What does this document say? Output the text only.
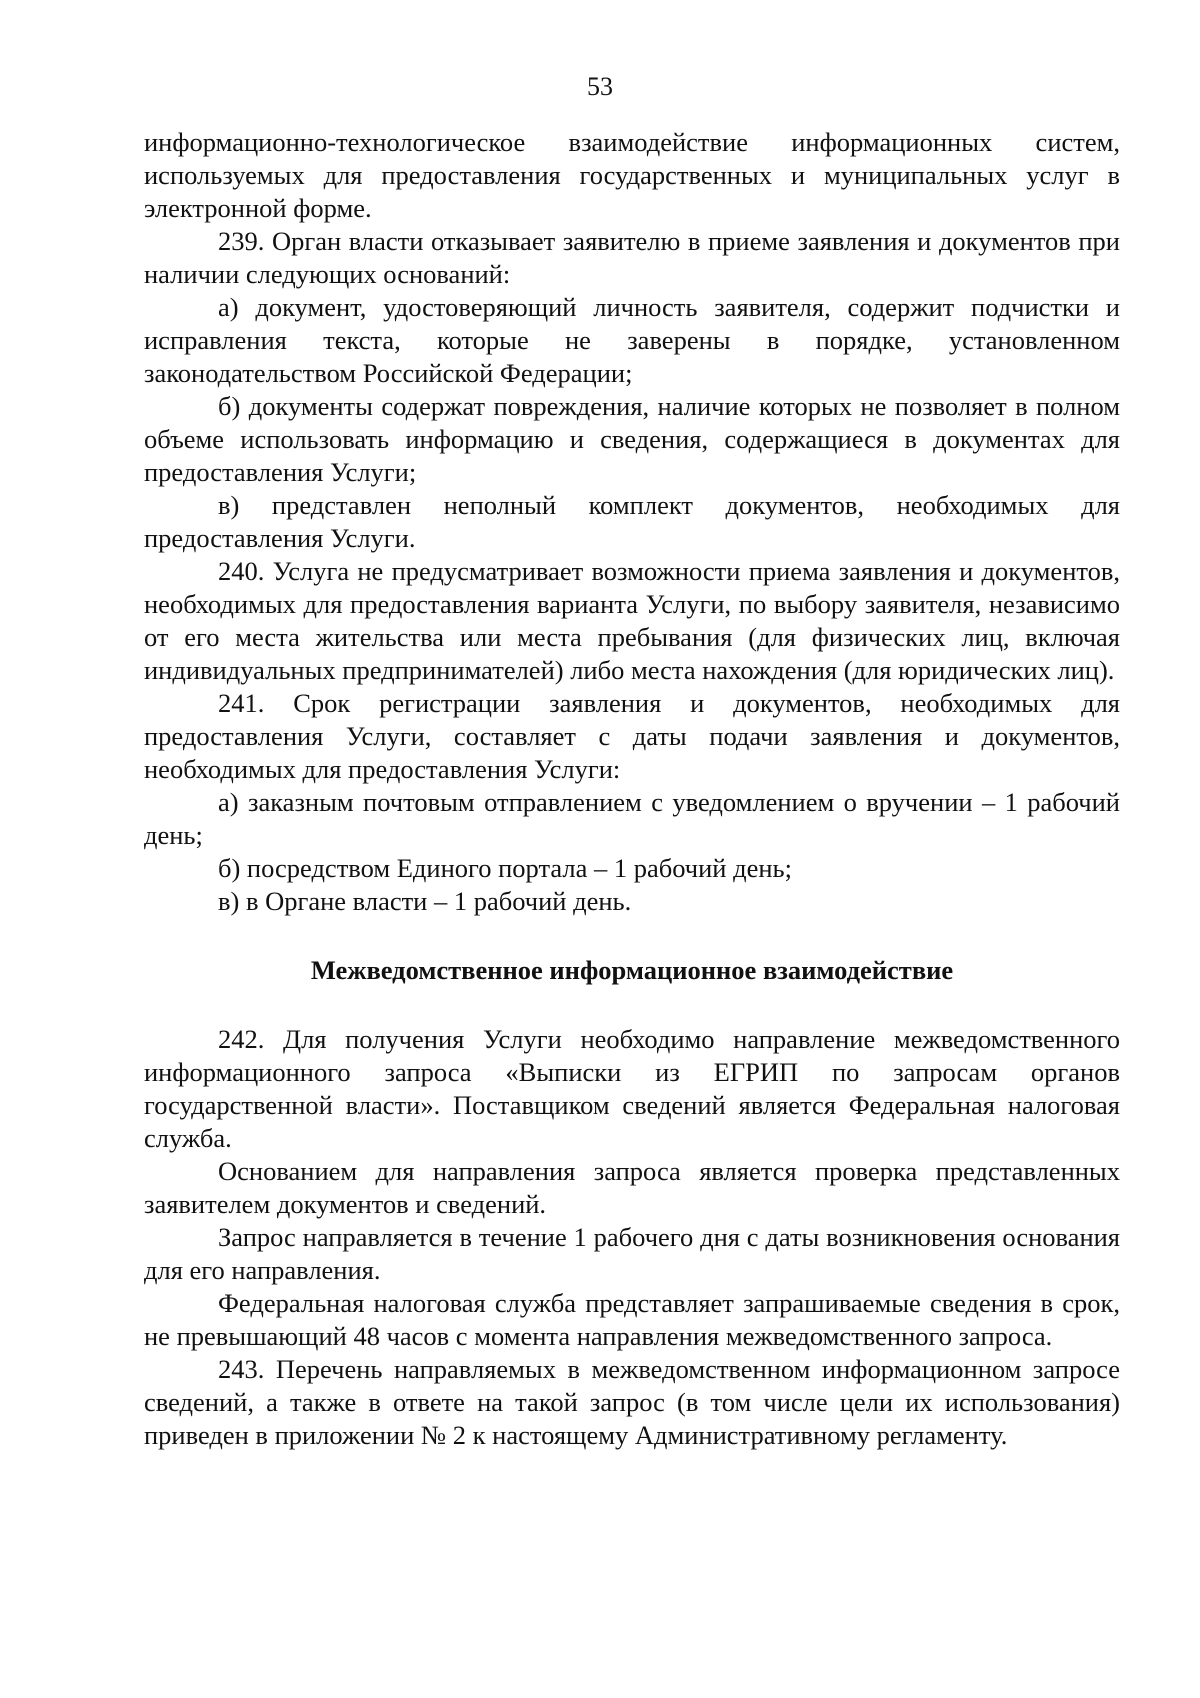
53

информационно-технологическое взаимодействие информационных систем, используемых для предоставления государственных и муниципальных услуг в электронной форме.

239. Орган власти отказывает заявителю в приеме заявления и документов при наличии следующих оснований:

а) документ, удостоверяющий личность заявителя, содержит подчистки и исправления текста, которые не заверены в порядке, установленном законодательством Российской Федерации;

б) документы содержат повреждения, наличие которых не позволяет в полном объеме использовать информацию и сведения, содержащиеся в документах для предоставления Услуги;

в) представлен неполный комплект документов, необходимых для предоставления Услуги.

240. Услуга не предусматривает возможности приема заявления и документов, необходимых для предоставления варианта Услуги, по выбору заявителя, независимо от его места жительства или места пребывания (для физических лиц, включая индивидуальных предпринимателей) либо места нахождения (для юридических лиц).

241. Срок регистрации заявления и документов, необходимых для предоставления Услуги, составляет с даты подачи заявления и документов, необходимых для предоставления Услуги:

а) заказным почтовым отправлением с уведомлением о вручении – 1 рабочий день;

б) посредством Единого портала – 1 рабочий день;

в) в Органе власти – 1 рабочий день.

Межведомственное информационное взаимодействие

242. Для получения Услуги необходимо направление межведомственного информационного запроса «Выписки из ЕГРИП по запросам органов государственной власти». Поставщиком сведений является Федеральная налоговая служба.

Основанием для направления запроса является проверка представленных заявителем документов и сведений.

Запрос направляется в течение 1 рабочего дня с даты возникновения основания для его направления.

Федеральная налоговая служба представляет запрашиваемые сведения в срок, не превышающий 48 часов с момента направления межведомственного запроса.

243. Перечень направляемых в межведомственном информационном запросе сведений, а также в ответе на такой запрос (в том числе цели их использования) приведен в приложении № 2 к настоящему Административному регламенту.
